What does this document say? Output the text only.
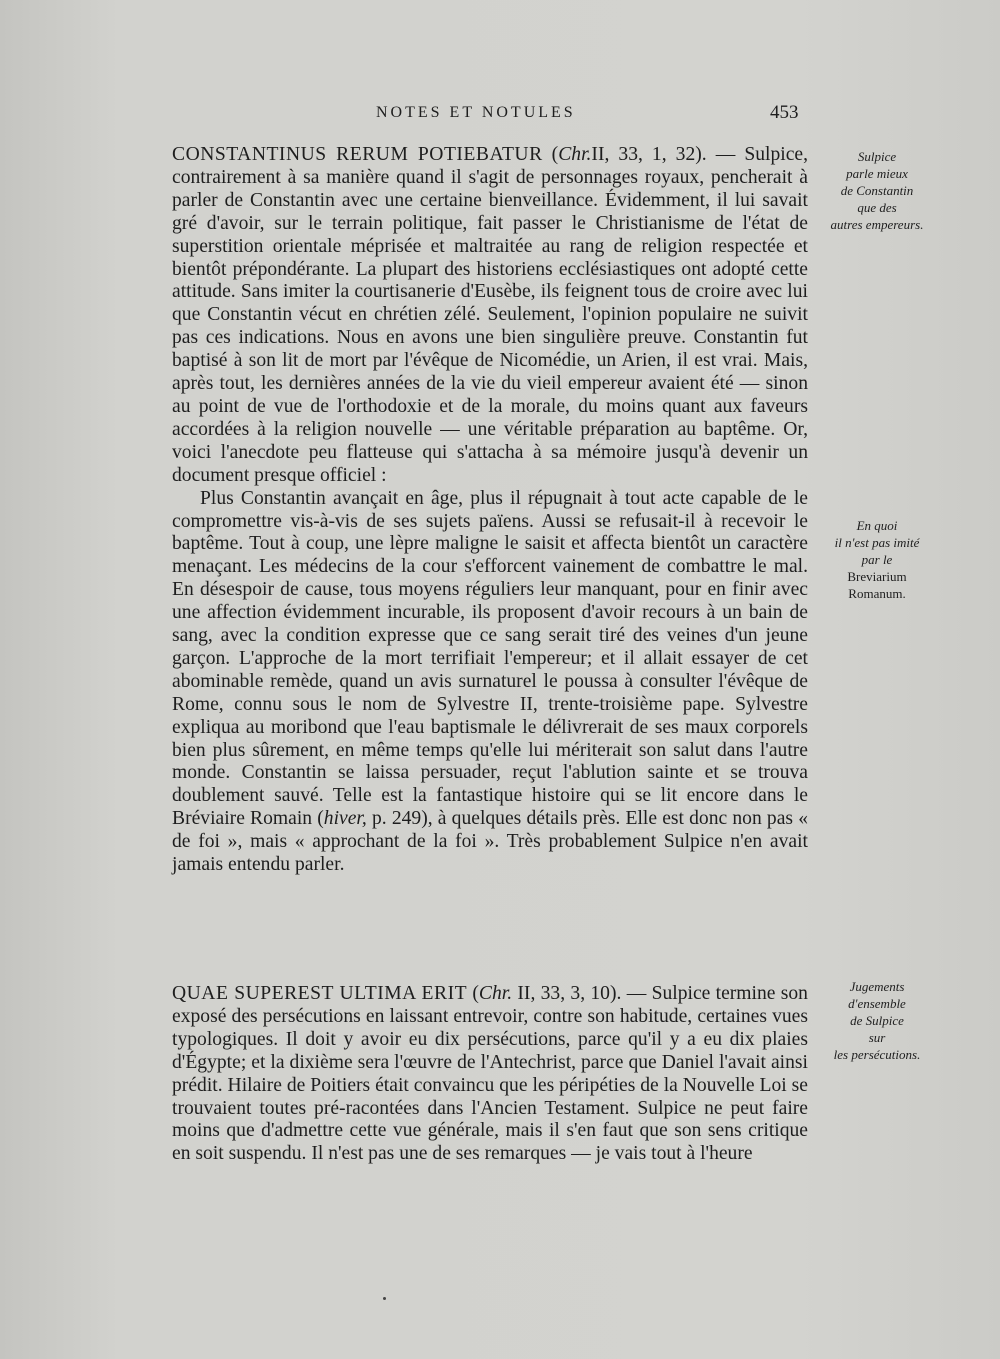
NOTES ET NOTULES	453

CONSTANTINUS RERUM POTIEBATUR (Chr.II, 33, 1, 32). — Sulpice, contrairement à sa manière quand il s'agit de personnages royaux, pencherait à parler de Constantin avec une certaine bienveillance. Évidemment, il lui savait gré d'avoir, sur le terrain politique, fait passer le Christianisme de l'état de superstition orientale méprisée et maltraitée au rang de religion respectée et bientôt prépondérante. La plupart des historiens ecclésiastiques ont adopté cette attitude. Sans imiter la courtisanerie d'Eusèbe, ils feignent tous de croire avec lui que Constantin vécut en chrétien zélé. Seulement, l'opinion populaire ne suivit pas ces indications. Nous en avons une bien singulière preuve. Constantin fut baptisé à son lit de mort par l'évêque de Nicomédie, un Arien, il est vrai. Mais, après tout, les dernières années de la vie du vieil empereur avaient été — sinon au point de vue de l'orthodoxie et de la morale, du moins quant aux faveurs accordées à la religion nouvelle — une véritable préparation au baptême. Or, voici l'anecdote peu flatteuse qui s'attacha à sa mémoire jusqu'à devenir un document presque officiel :

Plus Constantin avançait en âge, plus il répugnait à tout acte capable de le compromettre vis-à-vis de ses sujets païens. Aussi se refusait-il à recevoir le baptême. Tout à coup, une lèpre maligne le saisit et affecta bientôt un caractère menaçant. Les médecins de la cour s'efforcent vainement de combattre le mal. En désespoir de cause, tous moyens réguliers leur manquant, pour en finir avec une affection évidemment incurable, ils proposent d'avoir recours à un bain de sang, avec la condition expresse que ce sang serait tiré des veines d'un jeune garçon. L'approche de la mort terrifiait l'empereur; et il allait essayer de cet abominable remède, quand un avis surnaturel le poussa à consulter l'évêque de Rome, connu sous le nom de Sylvestre II, trente-troisième pape. Sylvestre expliqua au moribond que l'eau baptismale le délivrerait de ses maux corporels bien plus sûrement, en même temps qu'elle lui mériterait son salut dans l'autre monde. Constantin se laissa persuader, reçut l'ablution sainte et se trouva doublement sauvé. Telle est la fantastique histoire qui se lit encore dans le Bréviaire Romain (hiver, p. 249), à quelques détails près. Elle est donc non pas « de foi », mais « approchant de la foi ». Très probablement Sulpice n'en avait jamais entendu parler.

QUAE SUPEREST ULTIMA ERIT (Chr. II, 33, 3, 10). — Sulpice termine son exposé des persécutions en laissant entrevoir, contre son habitude, certaines vues typologiques. Il doit y avoir eu dix persécutions, parce qu'il y a eu dix plaies d'Égypte; et la dixième sera l'œuvre de l'Antechrist, parce que Daniel l'avait ainsi prédit. Hilaire de Poitiers était convaincu que les péripéties de la Nouvelle Loi se trouvaient toutes pré-racontées dans l'Ancien Testament. Sulpice ne peut faire moins que d'admettre cette vue générale, mais il s'en faut que son sens critique en soit suspendu. Il n'est pas une de ses remarques — je vais tout à l'heure

Sulpice
parle mieux
de Constantin
que des
autres empereurs.
En quoi
il n'est pas imité
par le
Breviarium
Romanum.
Jugements
d'ensemble
de Sulpice
sur
les persécutions.
